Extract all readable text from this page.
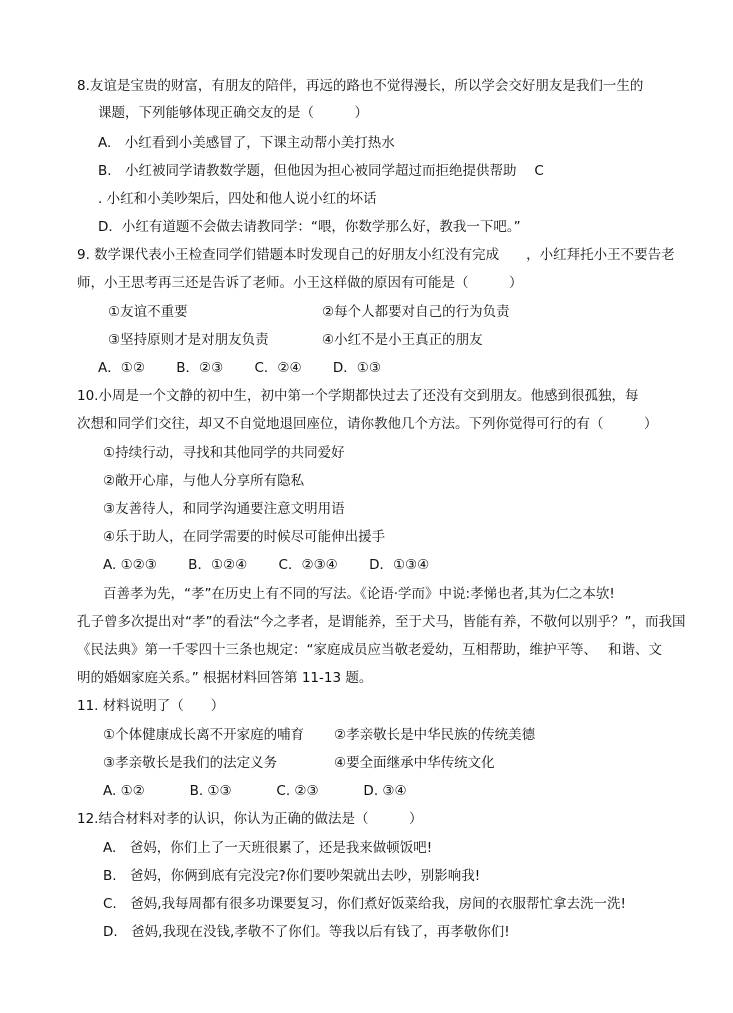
8.友谊是宝贵的财富，有朋友的陪伴，再远的路也不觉得漫长，所以学会交好朋友是我们一生的
课题，下列能够体现正确交友的是（　　　）
A.　小红看到小美感冒了，下课主动帮小美打热水
B.　小红被同学请教数学题，但他因为担心被同学超过而拒绝提供帮助　 C
. 小红和小美吵架后，四处和他人说小红的坏话
D．小红有道题不会做去请教同学：“喂，你数学那么好，教我一下吧。”
9. 数学课代表小王检查同学们错题本时发现自己的好朋友小红没有完成　　，小红拜托小王不要告老
师，小王思考再三还是告诉了老师。小王这样做的原因有可能是（　　　）
①友谊不重要	②每个人都要对自己的行为负责
③坚持原则才是对朋友负责	④小红不是小王真正的朋友
A．①②　　 B．②③　　 C．②④　　 D．①③
10.小周是一个文静的初中生，初中第一个学期都快过去了还没有交到朋友。他感到很孤独，每
次想和同学们交往，却又不自觉地退回座位，请你教他几个方法。下列你觉得可行的有（　　　）
①持续行动，寻找和其他同学的共同爱好
②敞开心扉，与他人分享所有隐私
③友善待人，和同学沟通要注意文明用语
④乐于助人，在同学需要的时候尽可能伸出援手
A. ①②③　　 B．①②④　　 C．②③④　　 D．①③④
百善孝为先，“孝”在历史上有不同的写法。《论语·学而》中说:孝悌也者,其为仁之本欤!
孔子曾多次提出对“孝”的看法“今之孝者，是谓能养，至于犬马，皆能有养，不敬何以别乎？”，而我国
《民法典》第一千零四十三条也规定：“家庭成员应当敬老爱幼，互相帮助，维护平等、　 和谐、文
明的婚姻家庭关系。” 根据材料回答第 11-13 题。
11. 材料说明了（　　）
①个体健康成长离不开家庭的哺育 ②孝亲敬长是中华民族的传统美德
③孝亲敬长是我们的法定义务	④要全面继承中华传统文化
A. ①②　　　 B. ①③　　　 C. ②③　　　 D. ③④
12.结合材料对孝的认识，你认为正确的做法是（　　　）
A.　爸妈，你们上了一天班很累了，还是我来做顿饭吧!
B.　爸妈，你俩到底有完没完?你们要吵架就出去吵，别影响我!
C.　爸妈,我每周都有很多功课要复习，你们煮好饭菜给我，房间的衣服帮忙拿去洗一洗!
D.　爸妈,我现在没钱,孝敬不了你们。等我以后有钱了，再孝敬你们!
